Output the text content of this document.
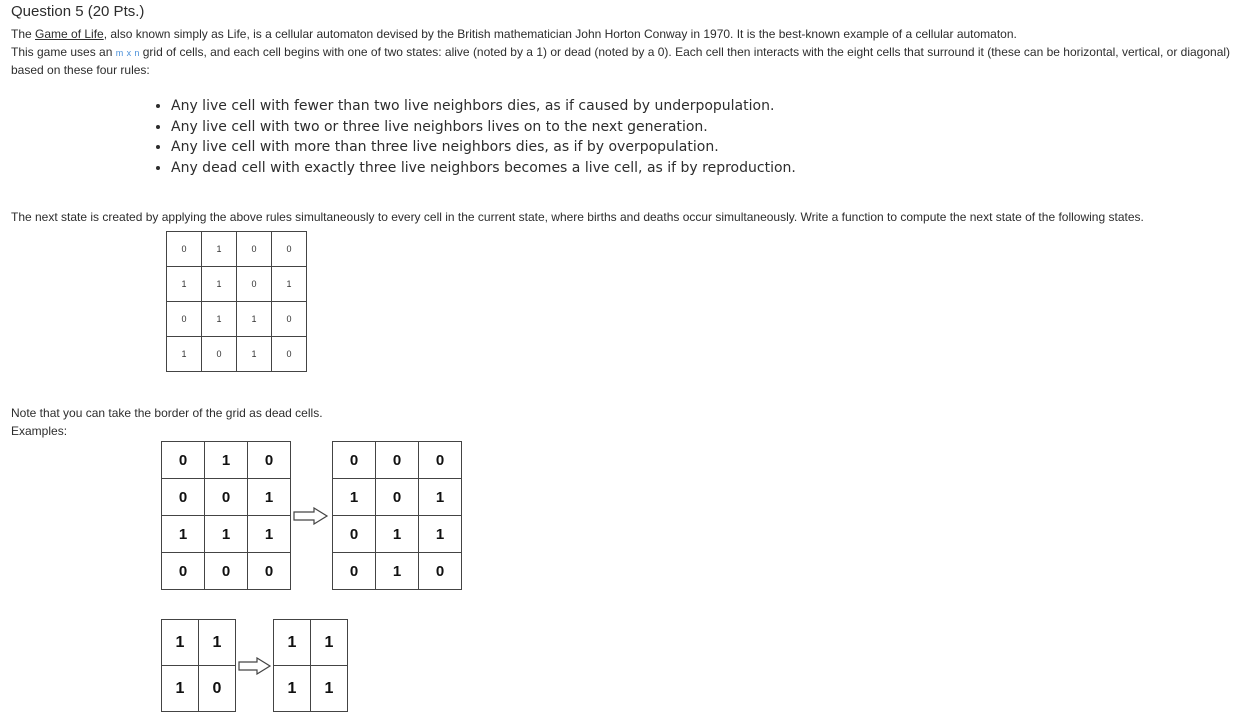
Question 5 (20 Pts.)
The Game of Life, also known simply as Life, is a cellular automaton devised by the British mathematician John Horton Conway in 1970. It is the best-known example of a cellular automaton.
This game uses an m x n grid of cells, and each cell begins with one of two states: alive (noted by a 1) or dead (noted by a 0). Each cell then interacts with the eight cells that surround it (these can be horizontal, vertical, or diagonal)
based on these four rules:
• Any live cell with fewer than two live neighbors dies, as if caused by underpopulation.
• Any live cell with two or three live neighbors lives on to the next generation.
• Any live cell with more than three live neighbors dies, as if by overpopulation.
• Any dead cell with exactly three live neighbors becomes a live cell, as if by reproduction.
The next state is created by applying the above rules simultaneously to every cell in the current state, where births and deaths occur simultaneously. Write a function to compute the next state of the following states.
0	1	0	0
1	1	0	1
0	1	1	0
1	0	1	0
Note that you can take the border of the grid as dead cells.
Examples:
0	1	0
0	0	1
1	1	1
0	0	0
0	0	0
1	0	1
0	1	1
0	1	0
1	1
1	0
1	1
1	1
